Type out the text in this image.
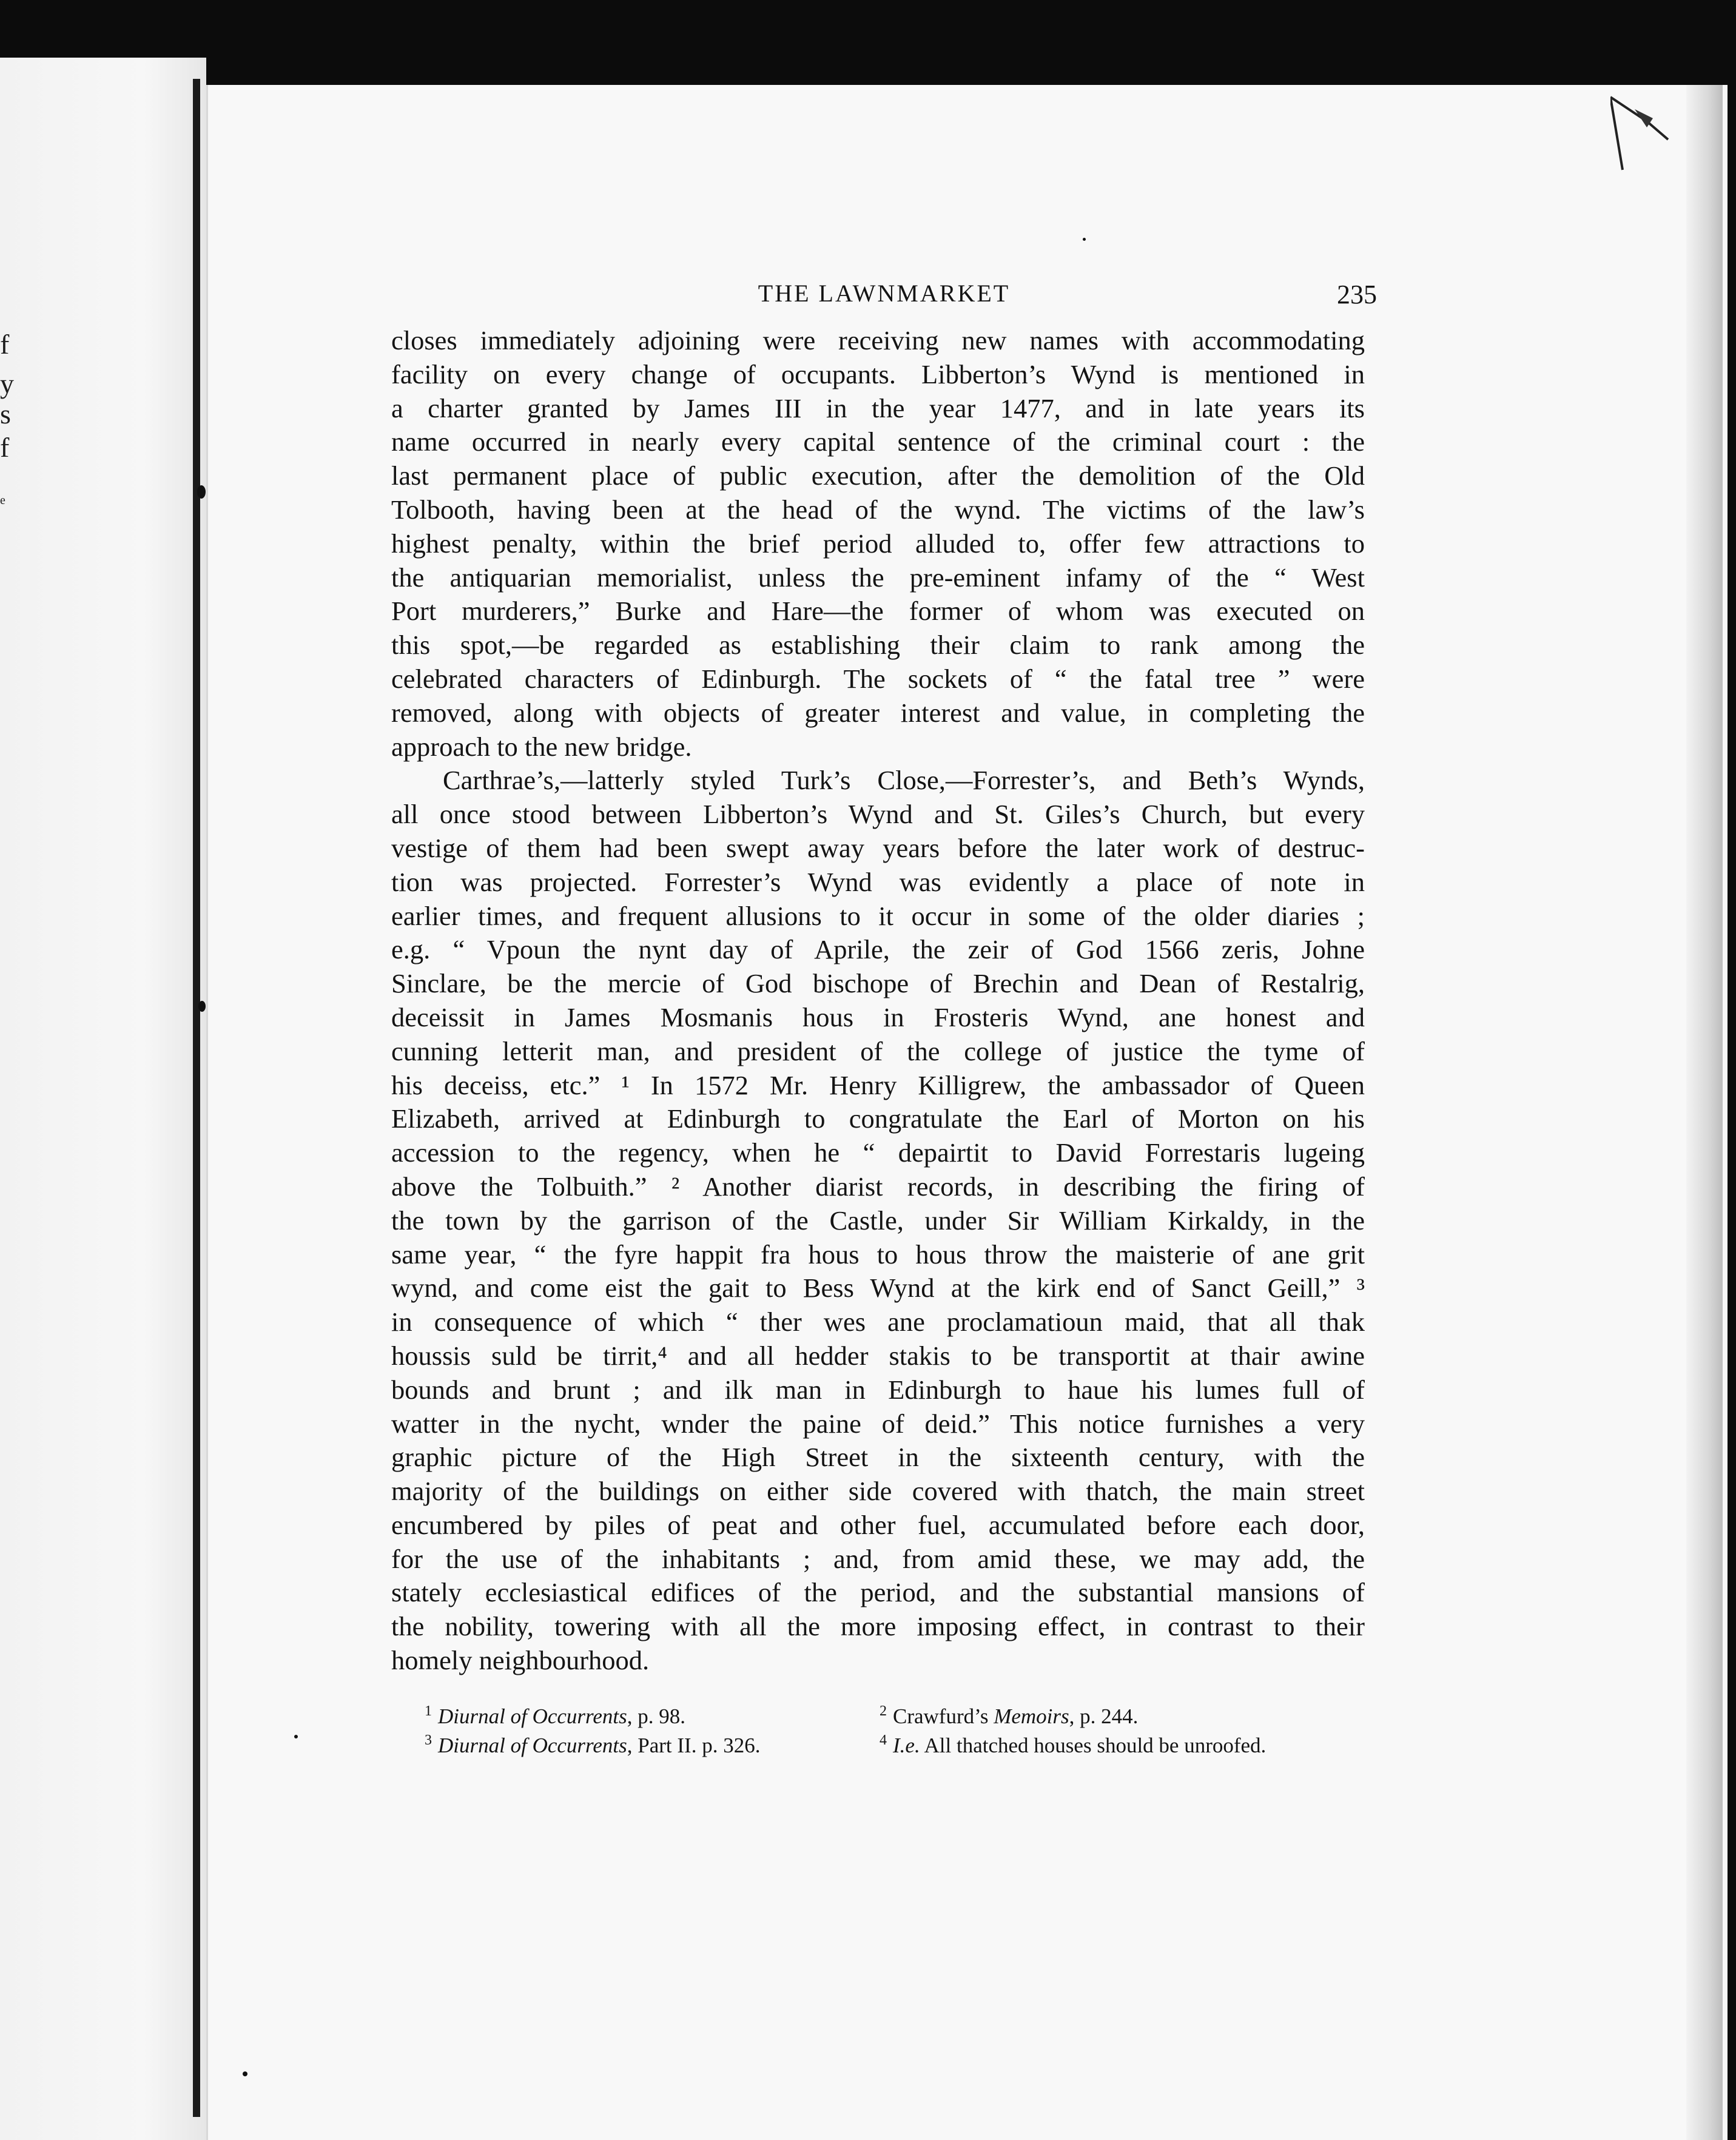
f
y
s
f
e
THE LAWNMARKET	235
closes immediately adjoining were receiving new names with accommodating
facility on every change of occupants. Libberton’s Wynd is mentioned in
a charter granted by James III in the year 1477, and in late years its
name occurred in nearly every capital sentence of the criminal court : the
last permanent place of public execution, after the demolition of the Old
Tolbooth, having been at the head of the wynd. The victims of the law’s
highest penalty, within the brief period alluded to, offer few attractions to
the antiquarian memorialist, unless the pre-eminent infamy of the “ West
Port murderers,” Burke and Hare—the former of whom was executed on
this spot,—be regarded as establishing their claim to rank among the
celebrated characters of Edinburgh. The sockets of “ the fatal tree ” were
removed, along with objects of greater interest and value, in completing the
approach to the new bridge.
Carthrae’s,—latterly styled Turk’s Close,—Forrester’s, and Beth’s Wynds,
all once stood between Libberton’s Wynd and St. Giles’s Church, but every
vestige of them had been swept away years before the later work of destruc-
tion was projected. Forrester’s Wynd was evidently a place of note in
earlier times, and frequent allusions to it occur in some of the older diaries ;
e.g. “ Vpoun the nynt day of Aprile, the zeir of God 1566 zeris, Johne
Sinclare, be the mercie of God bischope of Brechin and Dean of Restalrig,
deceissit in James Mosmanis hous in Frosteris Wynd, ane honest and
cunning letterit man, and president of the college of justice the tyme of
his deceiss, etc.” ¹ In 1572 Mr. Henry Killigrew, the ambassador of Queen
Elizabeth, arrived at Edinburgh to congratulate the Earl of Morton on his
accession to the regency, when he “ depairtit to David Forrestaris lugeing
above the Tolbuith.” ² Another diarist records, in describing the firing of
the town by the garrison of the Castle, under Sir William Kirkaldy, in the
same year, “ the fyre happit fra hous to hous throw the maisterie of ane grit
wynd, and come eist the gait to Bess Wynd at the kirk end of Sanct Geill,” ³
in consequence of which “ ther wes ane proclamatioun maid, that all thak
houssis suld be tirrit,⁴ and all hedder stakis to be transportit at thair awine
bounds and brunt ; and ilk man in Edinburgh to haue his lumes full of
watter in the nycht, wnder the paine of deid.” This notice furnishes a very
graphic picture of the High Street in the sixteenth century, with the
majority of the buildings on either side covered with thatch, the main street
encumbered by piles of peat and other fuel, accumulated before each door,
for the use of the inhabitants ; and, from amid these, we may add, the
stately ecclesiastical edifices of the period, and the substantial mansions of
the nobility, towering with all the more imposing effect, in contrast to their
homely neighbourhood.
$^1$ Diurnal of Occurrents, p. 98.	$^2$ Crawfurd’s Memoirs, p. 244.
$^3$ Diurnal of Occurrents, Part II. p. 326.	$^4$ I.e. All thatched houses should be unroofed.
